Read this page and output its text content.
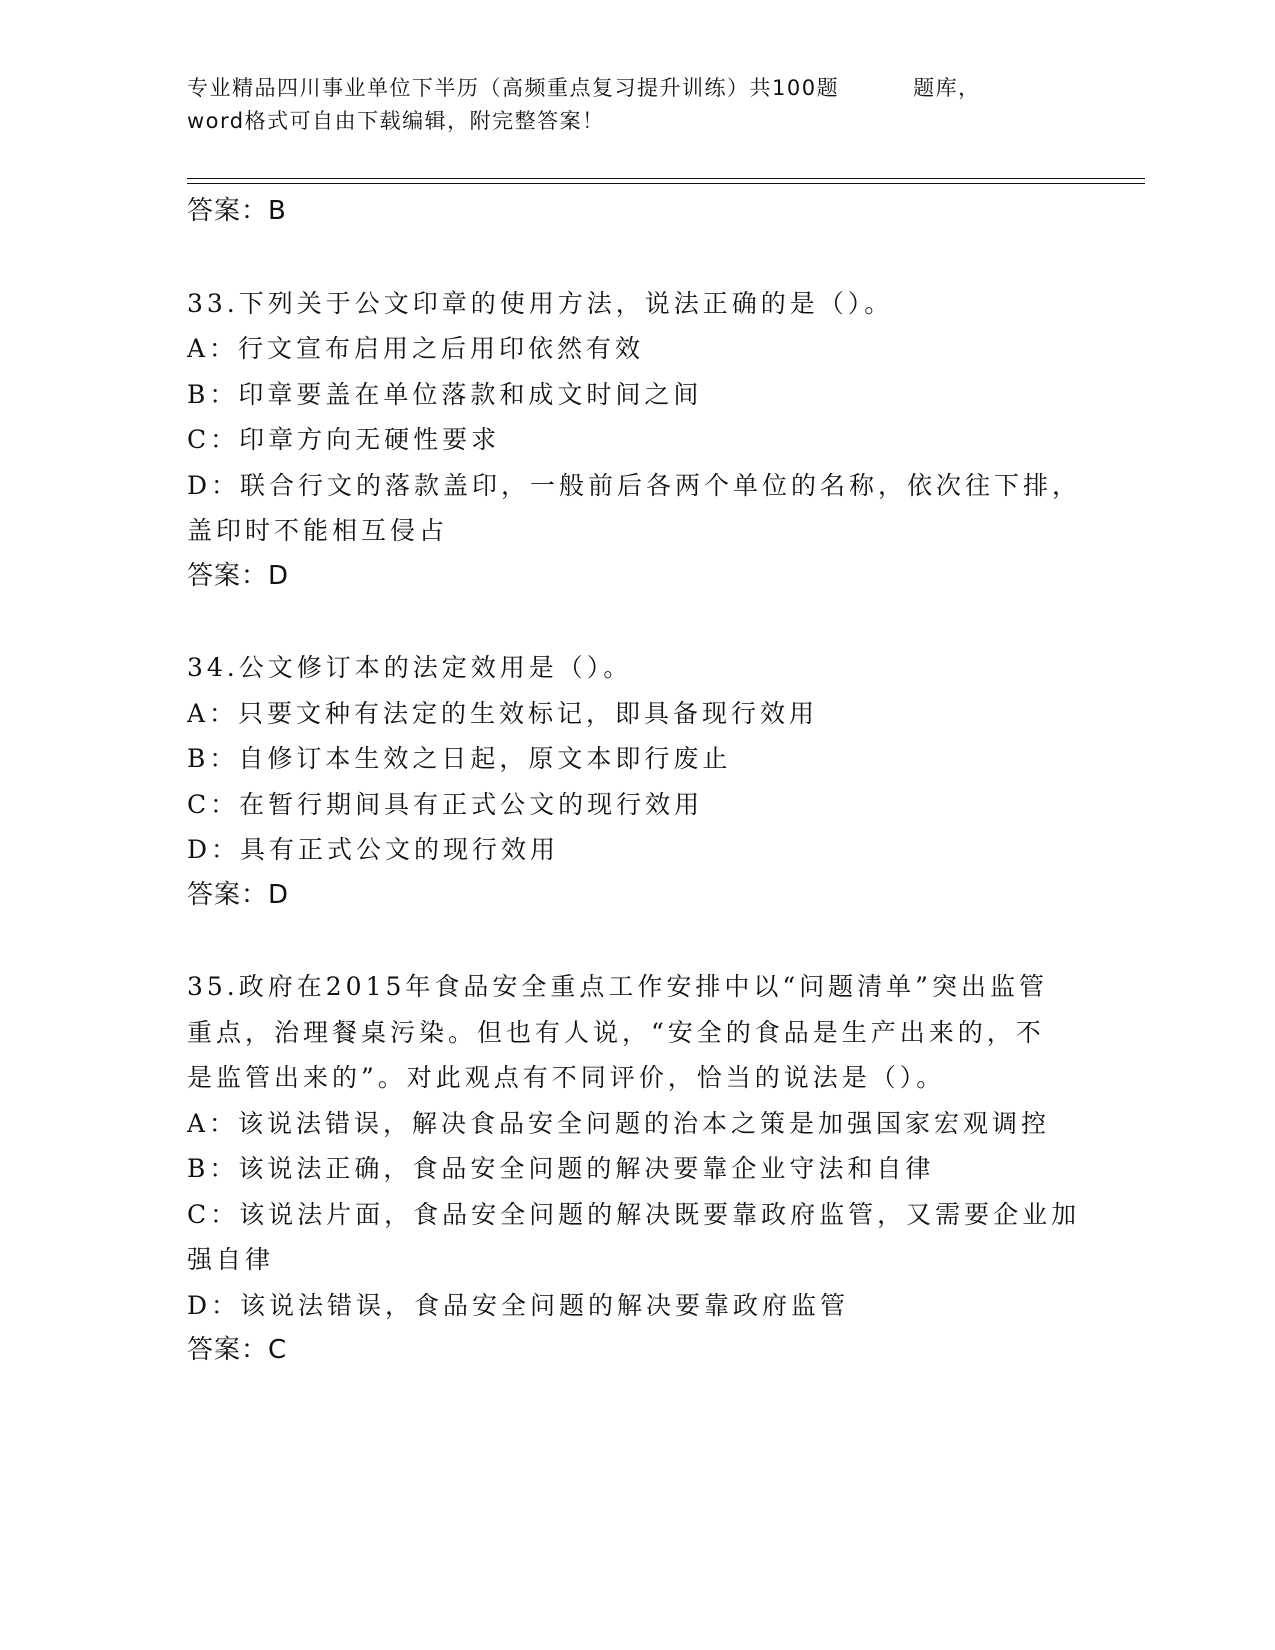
专业精品四川事业单位下半历（高频重点复习提升训练）共100题	题库，
word格式可自由下载编辑，附完整答案！
答案：B
33.下列关于公文印章的使用方法，说法正确的是（）。
A：行文宣布启用之后用印依然有效
B：印章要盖在单位落款和成文时间之间
C：印章方向无硬性要求
D：联合行文的落款盖印，一般前后各两个单位的名称，依次往下排，
盖印时不能相互侵占
答案：D
34.公文修订本的法定效用是（）。
A：只要文种有法定的生效标记，即具备现行效用
B：自修订本生效之日起，原文本即行废止
C：在暂行期间具有正式公文的现行效用
D：具有正式公文的现行效用
答案：D
35.政府在2015年食品安全重点工作安排中以“问题清单”突出监管
重点，治理餐桌污染。但也有人说，“安全的食品是生产出来的，不
是监管出来的”。对此观点有不同评价，恰当的说法是（）。
A：该说法错误，解决食品安全问题的治本之策是加强国家宏观调控
B：该说法正确，食品安全问题的解决要靠企业守法和自律
C：该说法片面，食品安全问题的解决既要靠政府监管，又需要企业加
强自律
D：该说法错误，食品安全问题的解决要靠政府监管
答案：C
